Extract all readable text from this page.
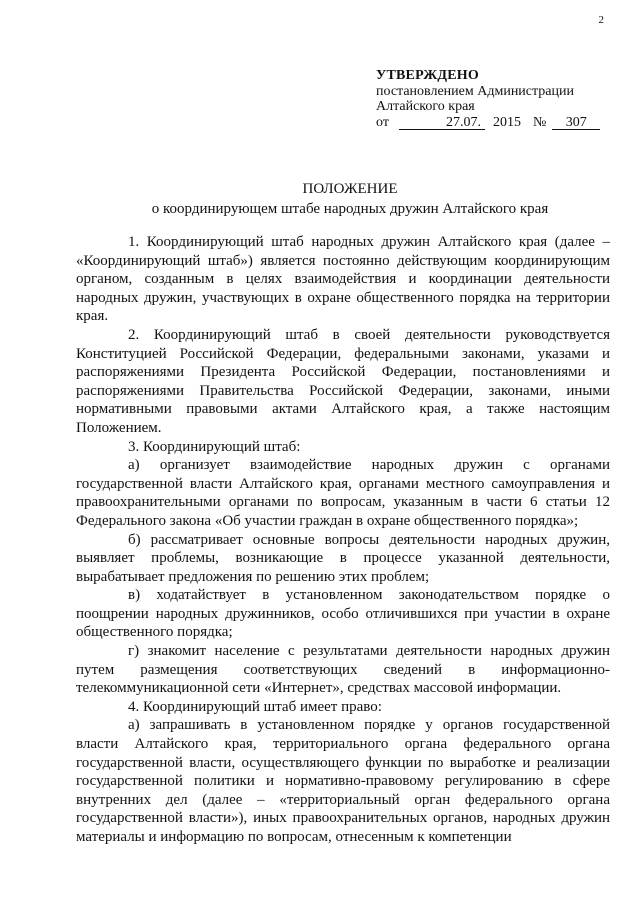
2
УТВЕРЖДЕНО
постановлением Администрации
Алтайского края
от	27.07. 2015 № 307
ПОЛОЖЕНИЕ
о координирующем штабе народных дружин Алтайского края

1. Координирующий штаб народных дружин Алтайского края (далее – «Координирующий штаб») является постоянно действующим координирующим органом, созданным в целях взаимодействия и координации деятельности народных дружин, участвующих в охране общественного порядка на территории края.

2. Координирующий штаб в своей деятельности руководствуется Конституцией Российской Федерации, федеральными законами, указами и распоряжениями Президента Российской Федерации, постановлениями и распоряжениями Правительства Российской Федерации, законами, иными нормативными правовыми актами Алтайского края, а также настоящим Положением.

3. Координирующий штаб:

а) организует взаимодействие народных дружин с органами государственной власти Алтайского края, органами местного самоуправления и правоохранительными органами по вопросам, указанным в части 6 статьи 12 Федерального закона «Об участии граждан в охране общественного порядка»;

б) рассматривает основные вопросы деятельности народных дружин, выявляет проблемы, возникающие в процессе указанной деятельности, вырабатывает предложения по решению этих проблем;

в) ходатайствует в установленном законодательством порядке о поощрении народных дружинников, особо отличившихся при участии в охране общественного порядка;

г) знакомит население с результатами деятельности народных дружин путем размещения соответствующих сведений в информационно-телекоммуникационной сети «Интернет», средствах массовой информации.

4. Координирующий штаб имеет право:

а) запрашивать в установленном порядке у органов государственной власти Алтайского края, территориального органа федерального органа государственной власти, осуществляющего функции по выработке и реализации государственной политики и нормативно-правовому регулированию в сфере внутренних дел (далее – «территориальный орган федерального органа государственной власти»), иных правоохранительных органов, народных дружин материалы и информацию по вопросам, отнесенным к компетенции
